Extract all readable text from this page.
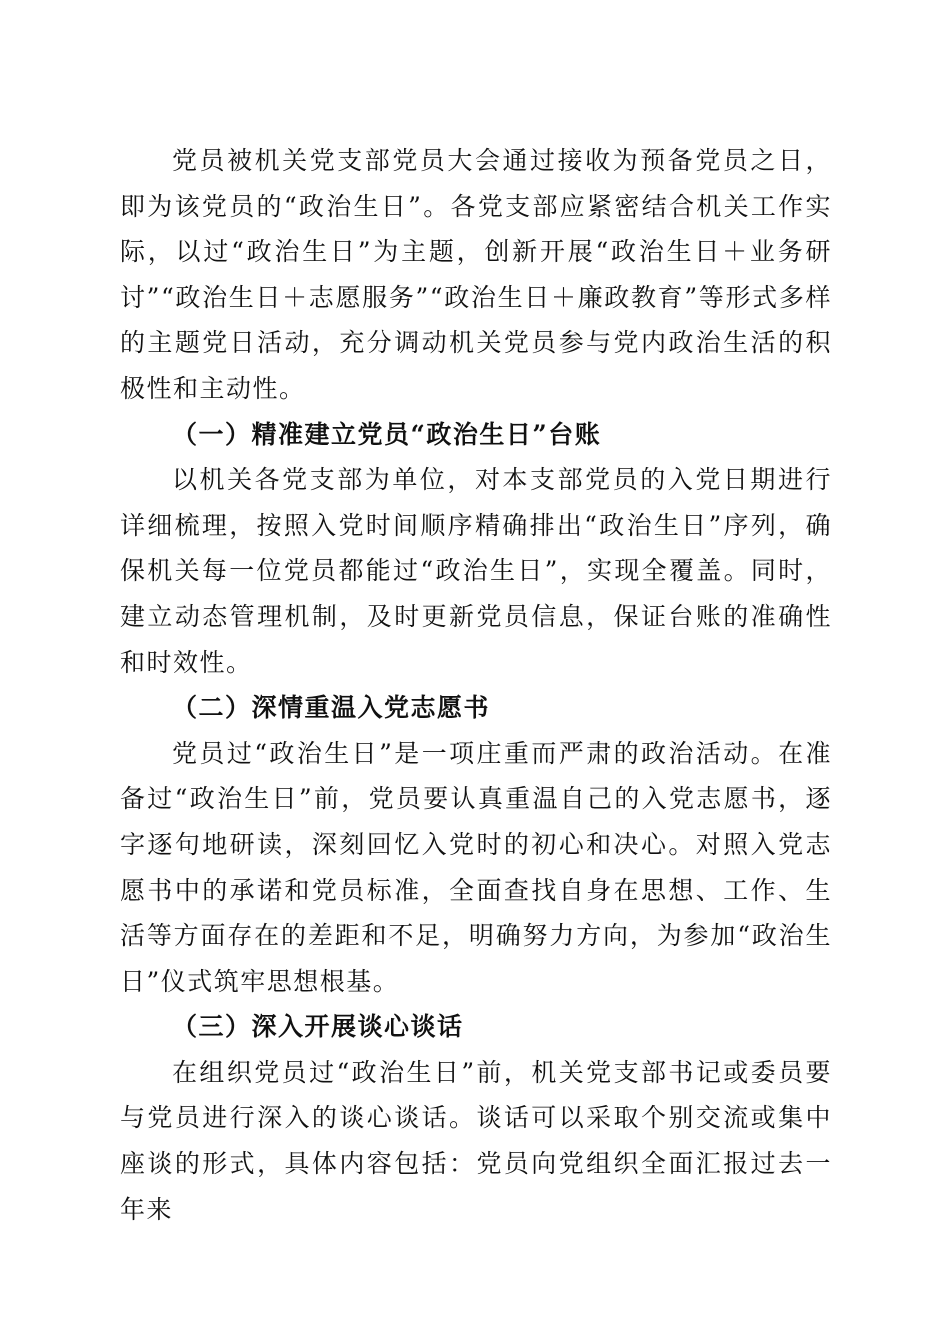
党员被机关党支部党员大会通过接收为预备党员之日，即为该党员的“政治生日”。各党支部应紧密结合机关工作实际，以过“政治生日”为主题，创新开展“政治生日＋业务研讨”“政治生日＋志愿服务”“政治生日＋廉政教育”等形式多样的主题党日活动，充分调动机关党员参与党内政治生活的积极性和主动性。

（一）精准建立党员“政治生日”台账

以机关各党支部为单位，对本支部党员的入党日期进行详细梳理，按照入党时间顺序精确排出“政治生日”序列，确保机关每一位党员都能过“政治生日”，实现全覆盖。同时，建立动态管理机制，及时更新党员信息，保证台账的准确性和时效性。

（二）深情重温入党志愿书

党员过“政治生日”是一项庄重而严肃的政治活动。在准备过“政治生日”前，党员要认真重温自己的入党志愿书，逐字逐句地研读，深刻回忆入党时的初心和决心。对照入党志愿书中的承诺和党员标准，全面查找自身在思想、工作、生活等方面存在的差距和不足，明确努力方向，为参加“政治生日”仪式筑牢思想根基。

（三）深入开展谈心谈话

在组织党员过“政治生日”前，机关党支部书记或委员要与党员进行深入的谈心谈话。谈话可以采取个别交流或集中座谈的形式，具体内容包括：党员向党组织全面汇报过去一年来
